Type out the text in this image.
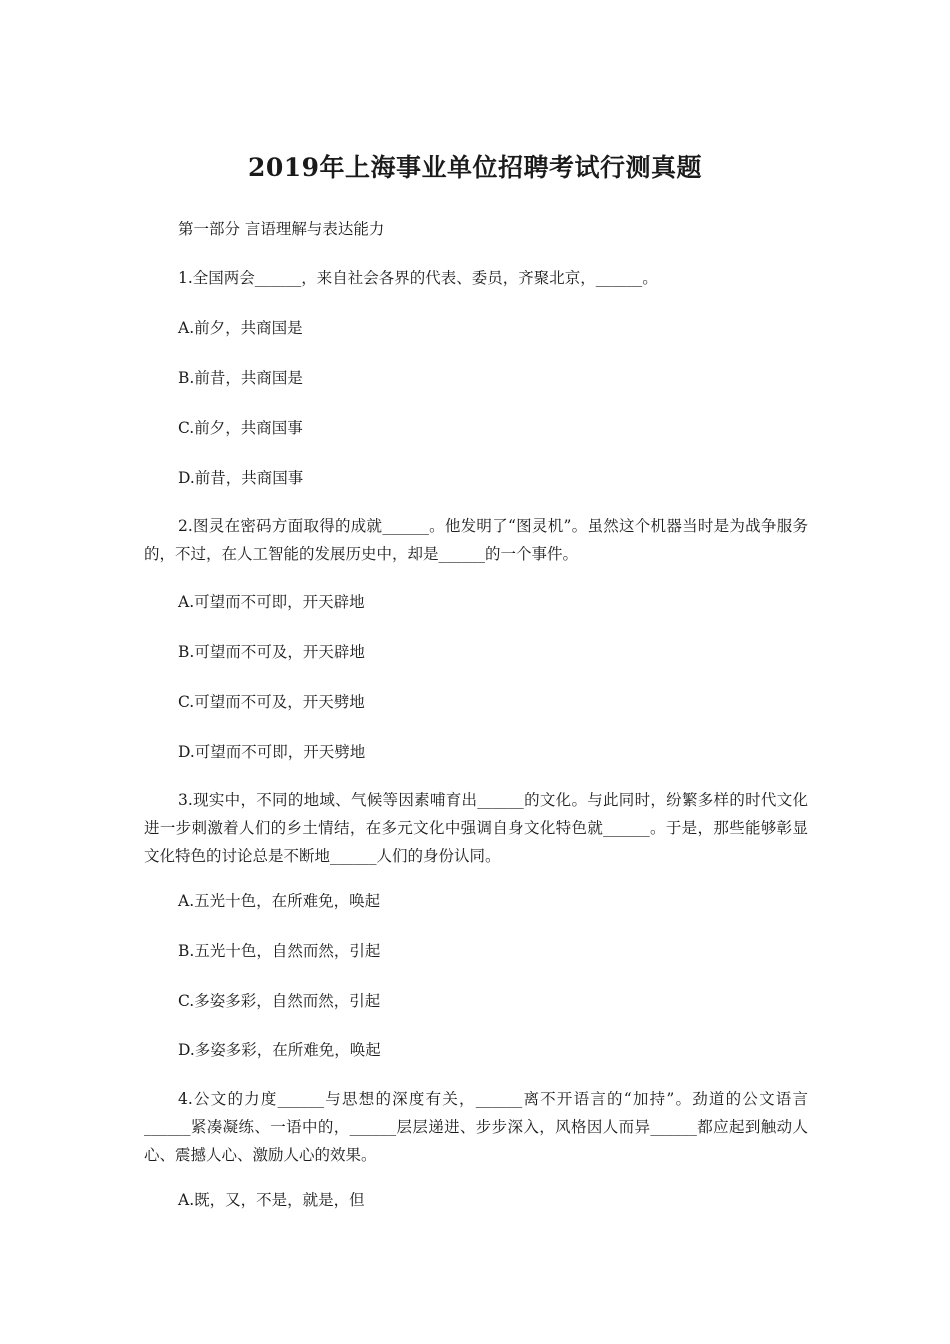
2019年上海事业单位招聘考试行测真题

第一部分 言语理解与表达能力

1.全国两会______，来自社会各界的代表、委员，齐聚北京，______。

A.前夕，共商国是

B.前昔，共商国是

C.前夕，共商国事

D.前昔，共商国事

2.图灵在密码方面取得的成就______。他发明了“图灵机”。虽然这个机器当时是为战争服务的，不过，在人工智能的发展历史中，却是______的一个事件。

A.可望而不可即，开天辟地

B.可望而不可及，开天辟地

C.可望而不可及，开天劈地

D.可望而不可即，开天劈地

3.现实中，不同的地域、气候等因素哺育出______的文化。与此同时，纷繁多样的时代文化进一步刺激着人们的乡土情结，在多元文化中强调自身文化特色就______。于是，那些能够彰显文化特色的讨论总是不断地______人们的身份认同。

A.五光十色，在所难免，唤起

B.五光十色，自然而然，引起

C.多姿多彩，自然而然，引起

D.多姿多彩，在所难免，唤起

4.公文的力度______与思想的深度有关，______离不开语言的“加持”。劲道的公文语言______紧凑凝练、一语中的，______层层递进、步步深入，风格因人而异______都应起到触动人心、震撼人心、激励人心的效果。

A.既，又，不是，就是，但
